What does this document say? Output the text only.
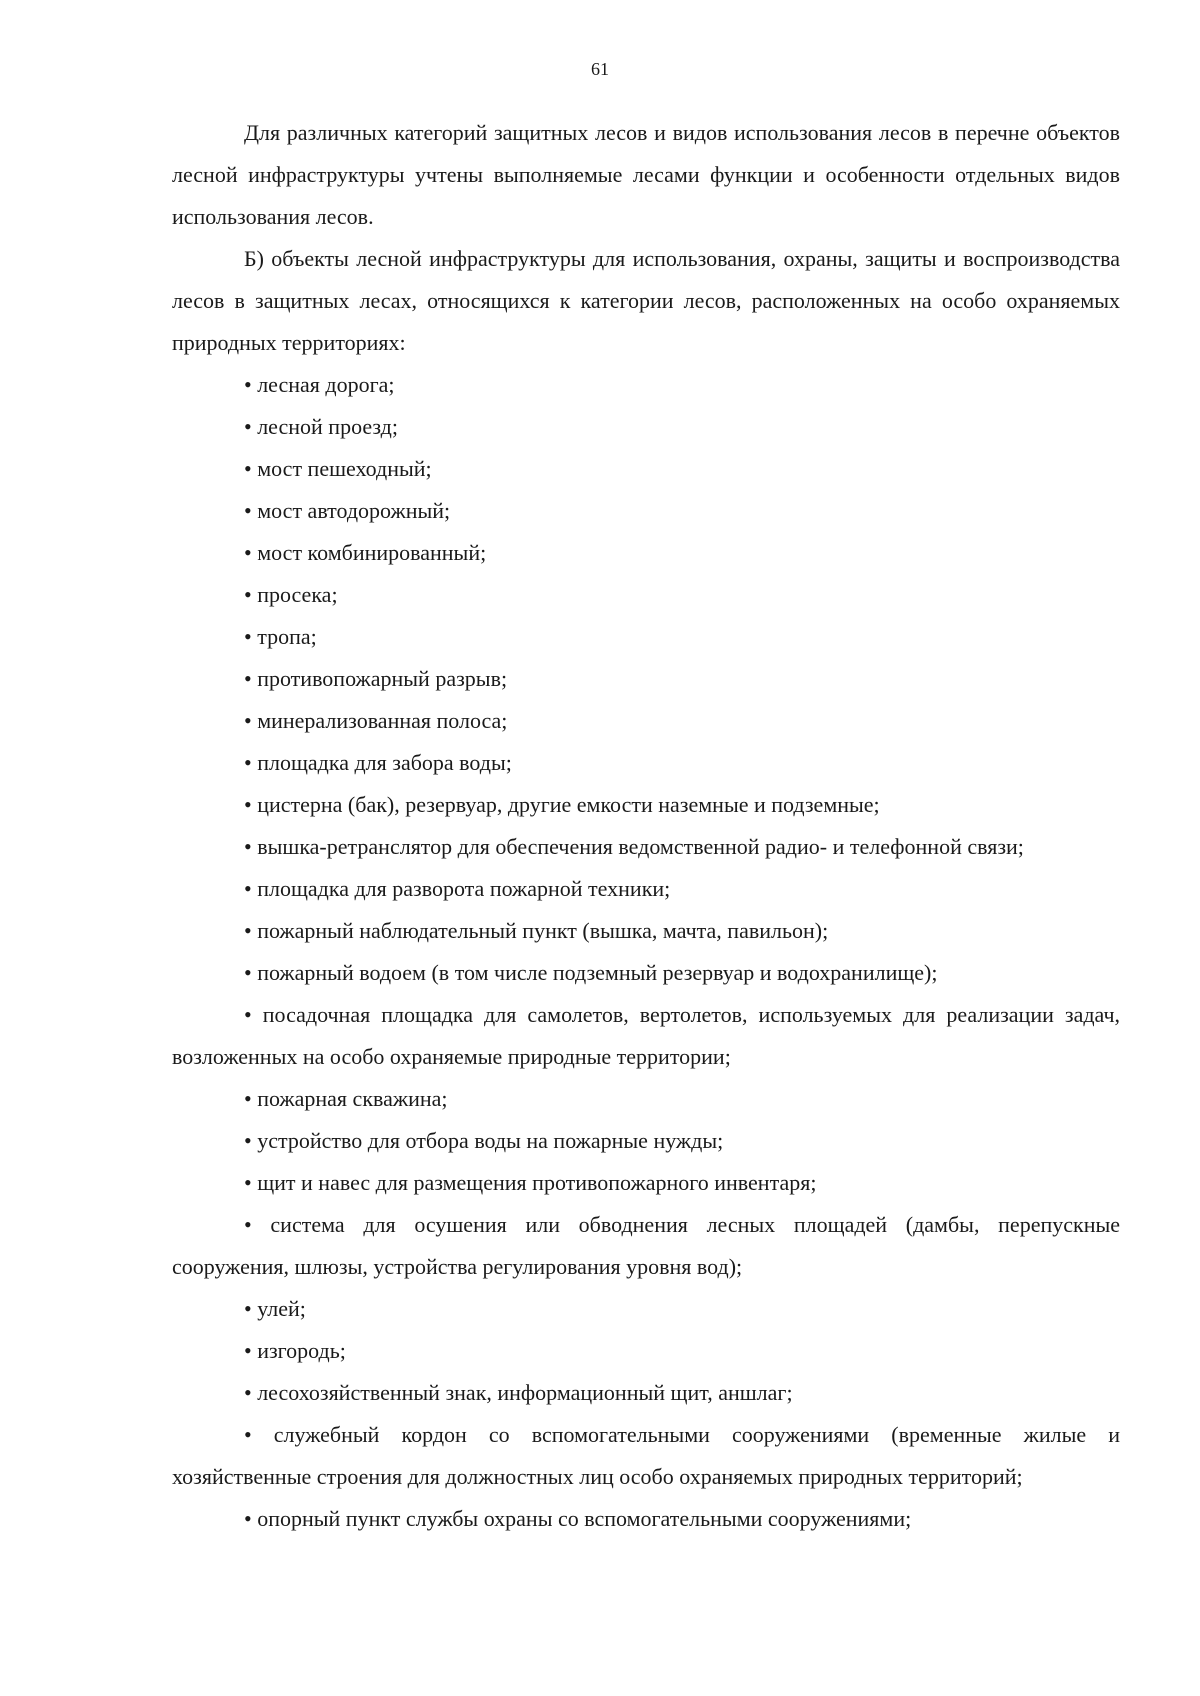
61

Для различных категорий защитных лесов и видов использования лесов в перечне объектов лесной инфраструктуры учтены выполняемые лесами функции и особенности отдельных видов использования лесов.

Б) объекты лесной инфраструктуры для использования, охраны, защиты и воспроизводства лесов в защитных лесах, относящихся к категории лесов, расположенных на особо охраняемых природных территориях:

• лесная дорога;
• лесной проезд;
• мост пешеходный;
• мост автодорожный;
• мост комбинированный;
• просека;
• тропа;
• противопожарный разрыв;
• минерализованная полоса;
• площадка для забора воды;
• цистерна (бак), резервуар, другие емкости наземные и подземные;
• вышка-ретранслятор для обеспечения ведомственной радио- и телефонной связи;
• площадка для разворота пожарной техники;
• пожарный наблюдательный пункт (вышка, мачта, павильон);
• пожарный водоем (в том числе подземный резервуар и водохранилище);
• посадочная площадка для самолетов, вертолетов, используемых для реализации задач, возложенных на особо охраняемые природные территории;
• пожарная скважина;
• устройство для отбора воды на пожарные нужды;
• щит и навес для размещения противопожарного инвентаря;
• система для осушения или обводнения лесных площадей (дамбы, перепускные сооружения, шлюзы, устройства регулирования уровня вод);
• улей;
• изгородь;
• лесохозяйственный знак, информационный щит, аншлаг;
• служебный кордон со вспомогательными сооружениями (временные жилые и хозяйственные строения для должностных лиц особо охраняемых природных территорий;
• опорный пункт службы охраны со вспомогательными сооружениями;
